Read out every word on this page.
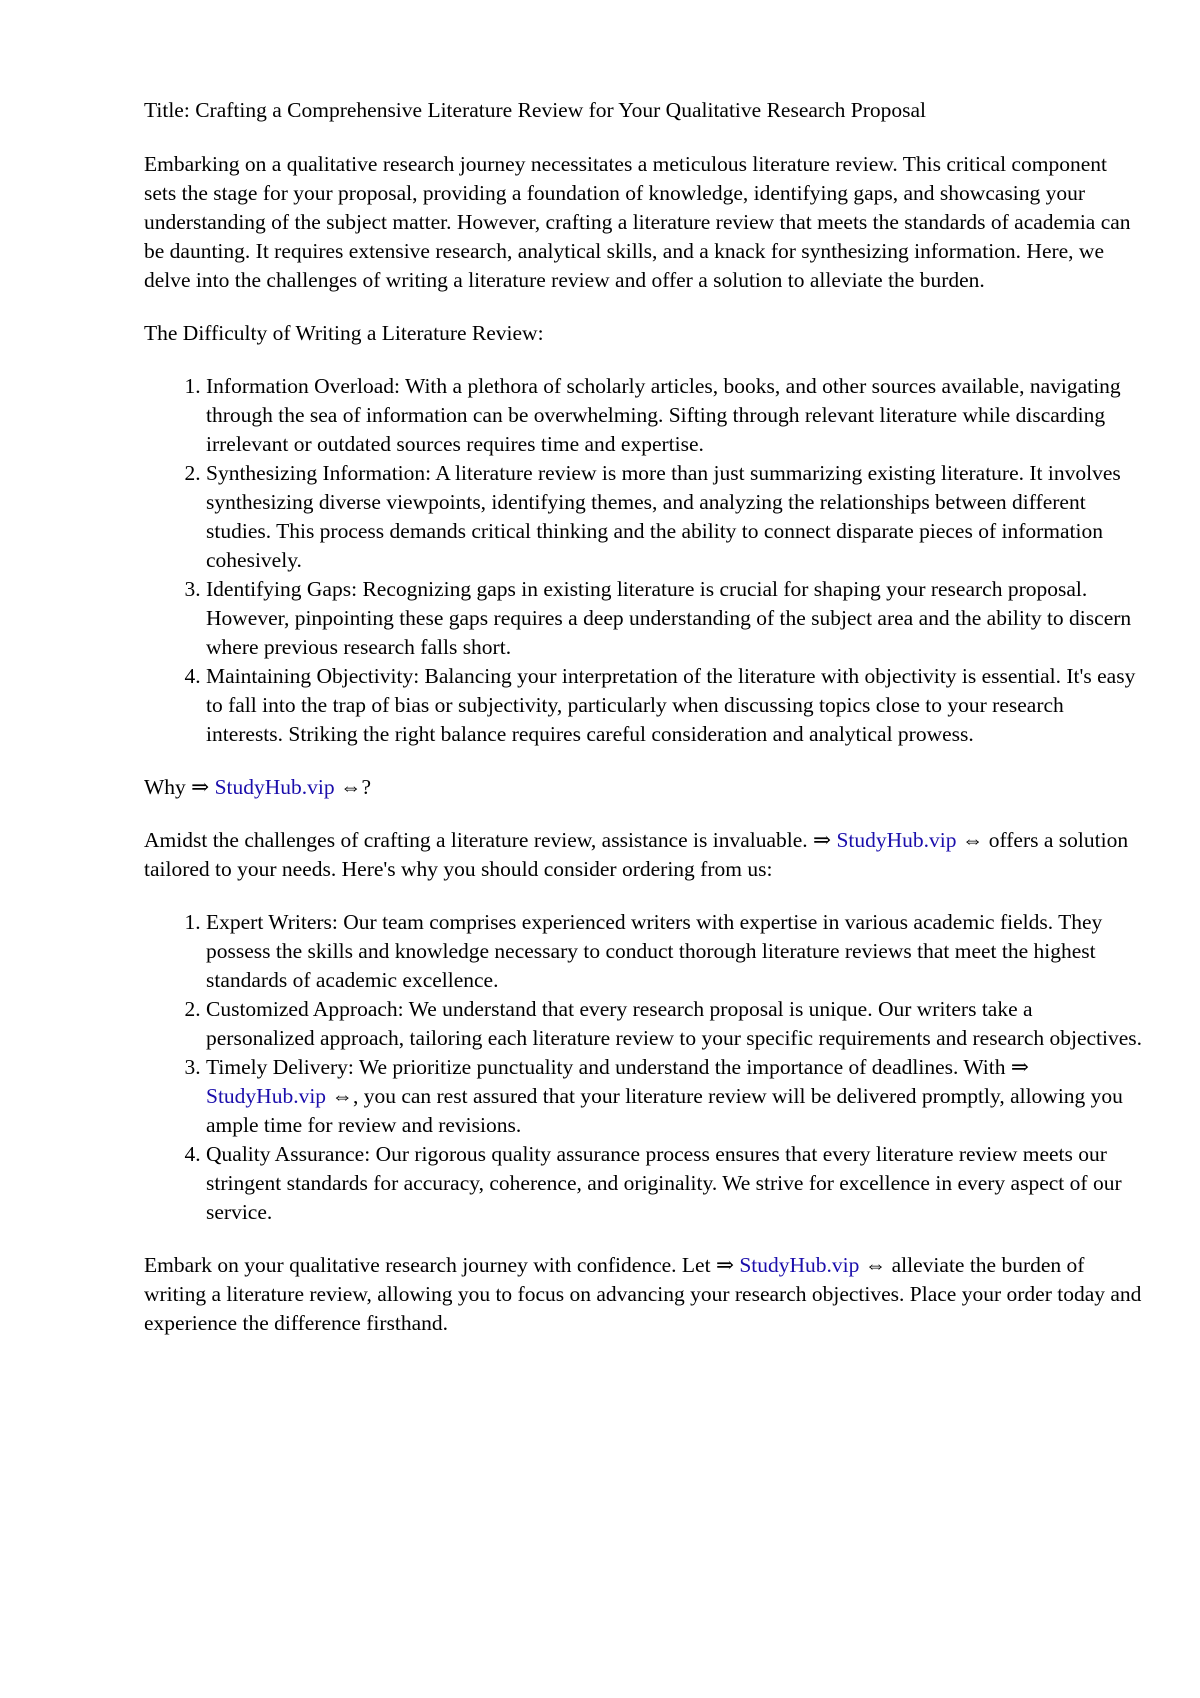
Title: Crafting a Comprehensive Literature Review for Your Qualitative Research Proposal

Embarking on a qualitative research journey necessitates a meticulous literature review. This critical component sets the stage for your proposal, providing a foundation of knowledge, identifying gaps, and showcasing your understanding of the subject matter. However, crafting a literature review that meets the standards of academia can be daunting. It requires extensive research, analytical skills, and a knack for synthesizing information. Here, we delve into the challenges of writing a literature review and offer a solution to alleviate the burden.

The Difficulty of Writing a Literature Review:

1. Information Overload: With a plethora of scholarly articles, books, and other sources available, navigating through the sea of information can be overwhelming. Sifting through relevant literature while discarding irrelevant or outdated sources requires time and expertise.
2. Synthesizing Information: A literature review is more than just summarizing existing literature. It involves synthesizing diverse viewpoints, identifying themes, and analyzing the relationships between different studies. This process demands critical thinking and the ability to connect disparate pieces of information cohesively.
3. Identifying Gaps: Recognizing gaps in existing literature is crucial for shaping your research proposal. However, pinpointing these gaps requires a deep understanding of the subject area and the ability to discern where previous research falls short.
4. Maintaining Objectivity: Balancing your interpretation of the literature with objectivity is essential. It's easy to fall into the trap of bias or subjectivity, particularly when discussing topics close to your research interests. Striking the right balance requires careful consideration and analytical prowess.

Why ⇒ StudyHub.vip ⇔?

Amidst the challenges of crafting a literature review, assistance is invaluable. ⇒ StudyHub.vip ⇔ offers a solution tailored to your needs. Here's why you should consider ordering from us:

1. Expert Writers: Our team comprises experienced writers with expertise in various academic fields. They possess the skills and knowledge necessary to conduct thorough literature reviews that meet the highest standards of academic excellence.
2. Customized Approach: We understand that every research proposal is unique. Our writers take a personalized approach, tailoring each literature review to your specific requirements and research objectives.
3. Timely Delivery: We prioritize punctuality and understand the importance of deadlines. With ⇒ StudyHub.vip ⇔, you can rest assured that your literature review will be delivered promptly, allowing you ample time for review and revisions.
4. Quality Assurance: Our rigorous quality assurance process ensures that every literature review meets our stringent standards for accuracy, coherence, and originality. We strive for excellence in every aspect of our service.

Embark on your qualitative research journey with confidence. Let ⇒ StudyHub.vip ⇔ alleviate the burden of writing a literature review, allowing you to focus on advancing your research objectives. Place your order today and experience the difference firsthand.
